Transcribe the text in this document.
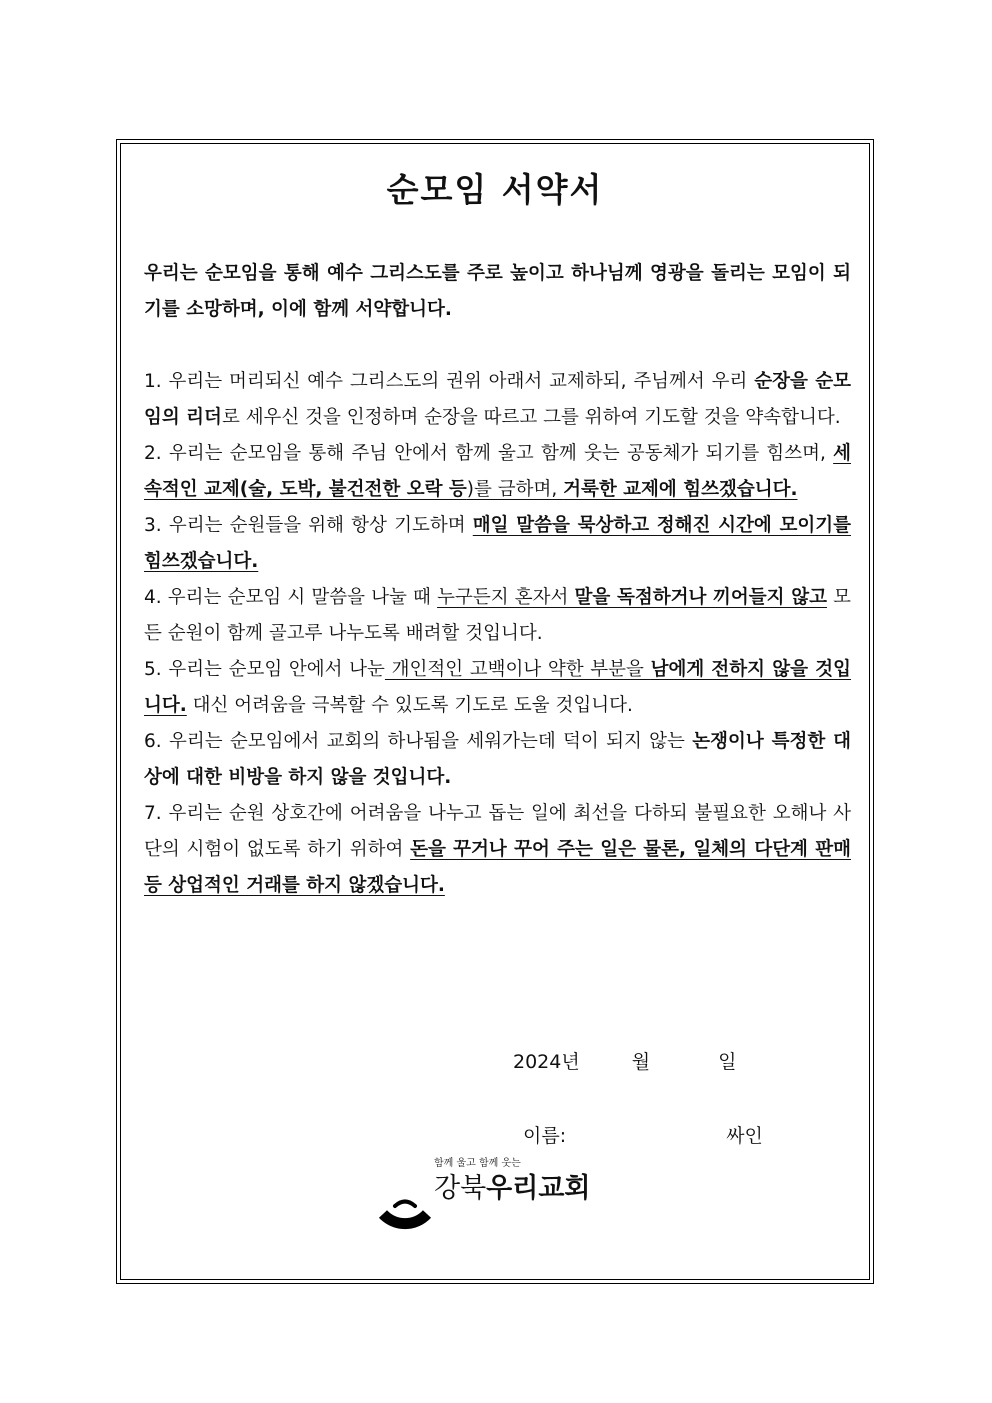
순모임 서약서

우리는 순모임을 통해 예수 그리스도를 주로 높이고 하나님께 영광을 돌리는 모임이 되기를 소망하며, 이에 함께 서약합니다.

1. 우리는 머리되신 예수 그리스도의 권위 아래서 교제하되, 주님께서 우리 순장을 순모임의 리더로 세우신 것을 인정하며 순장을 따르고 그를 위하여 기도할 것을 약속합니다.

2. 우리는 순모임을 통해 주님 안에서 함께 울고 함께 웃는 공동체가 되기를 힘쓰며, 세속적인 교제(술, 도박, 불건전한 오락 등)를 금하며, 거룩한 교제에 힘쓰겠습니다.

3. 우리는 순원들을 위해 항상 기도하며 매일 말씀을 묵상하고 정해진 시간에 모이기를 힘쓰겠습니다.

4. 우리는 순모임 시 말씀을 나눌 때 누구든지 혼자서 말을 독점하거나 끼어들지 않고 모든 순원이 함께 골고루 나누도록 배려할 것입니다.

5. 우리는 순모임 안에서 나눈 개인적인 고백이나 약한 부분을 남에게 전하지 않을 것입니다. 대신 어려움을 극복할 수 있도록 기도로 도울 것입니다.

6. 우리는 순모임에서 교회의 하나됨을 세워가는데 덕이 되지 않는 논쟁이나 특정한 대상에 대한 비방을 하지 않을 것입니다.

7. 우리는 순원 상호간에 어려움을 나누고 돕는 일에 최선을 다하되 불필요한 오해나 사단의 시험이 없도록 하기 위하여 돈을 꾸거나 꾸어 주는 일은 물론, 일체의 다단계 판매 등 상업적인 거래를 하지 않겠습니다.

2024년	월	일
이름:	싸인
함께 울고 함께 웃는
강북우리교회
